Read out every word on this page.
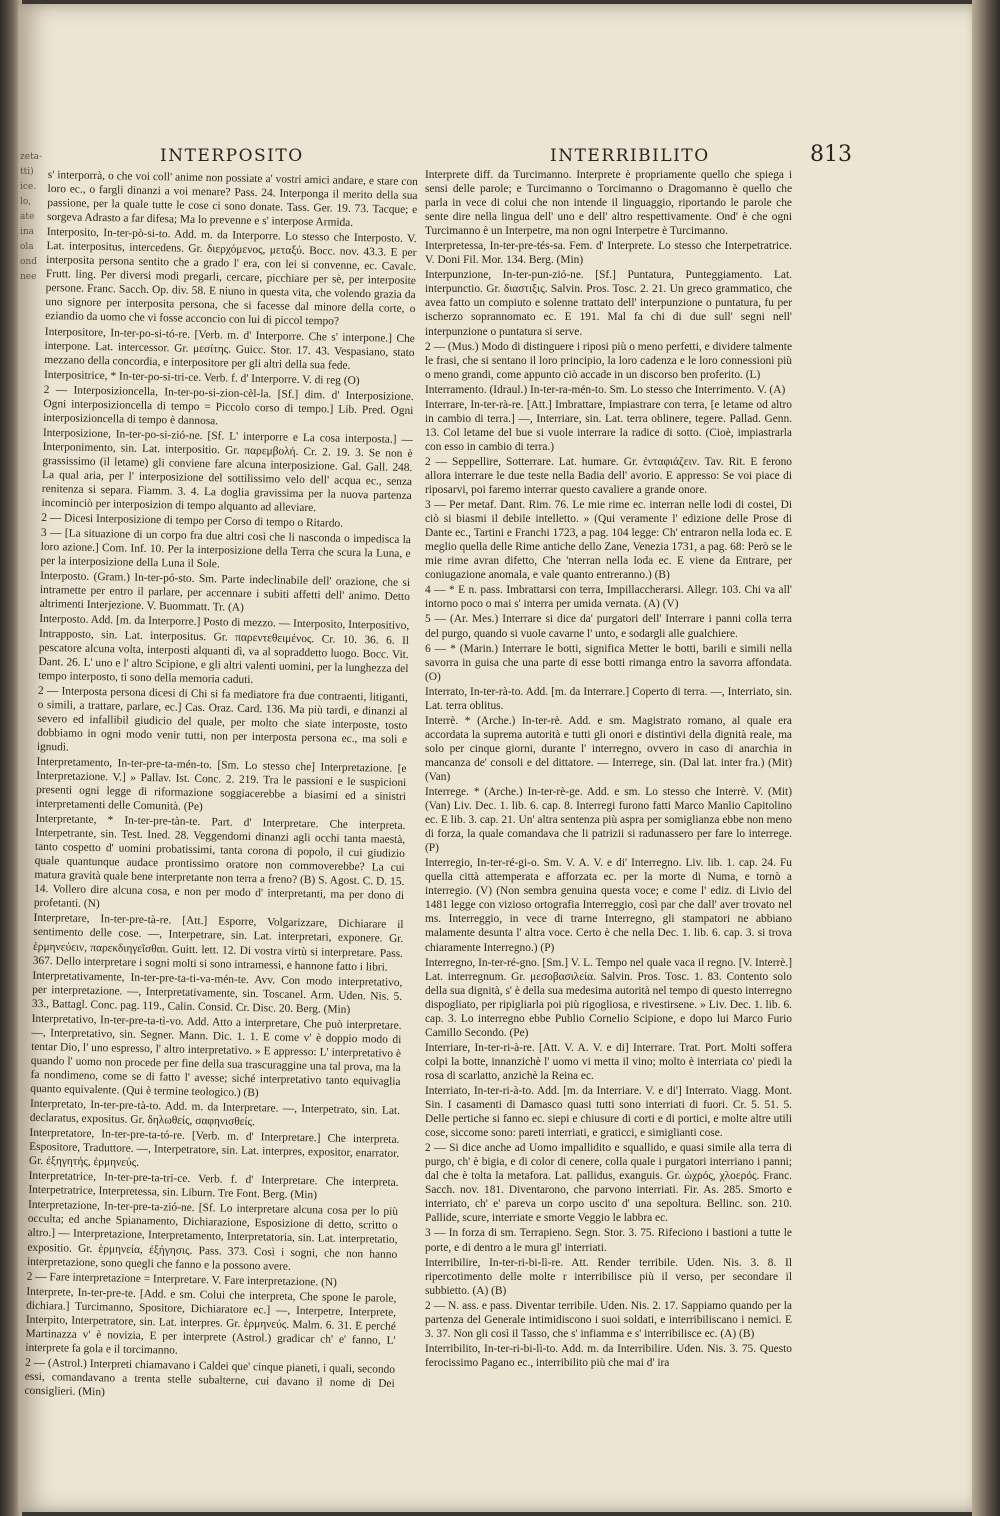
zeta- tti) ice. lo, ate ina ola ond nee
INTERPOSITO	INTERRIBILITO	813

s' interporrà, o che voi coll' anime non possiate a' vostri amici andare, e stare con loro ec., o fargli dinanzi a voi menare? Pass. 24. Interponga il merito della sua passione, per la quale tutte le cose ci sono donate. Tass. Ger. 19. 73. Tacque; e sorgeva Adrasto a far difesa; Ma lo prevenne e s' interpose Armida.

Interposito, In-ter-pò-si-to. Add. m. da Interporre. Lo stesso che Interposto. V. Lat. interpositus, intercedens. Gr. διερχόμενος, μεταξύ. Bocc. nov. 43.3. E per interposita persona sentito che a grado l' era, con lei si convenne, ec. Cavalc. Frutt. ling. Per diversi modi pregarli, cercare, picchiare per sè, per interposite persone. Franc. Sacch. Op. div. 58. E niuno in questa vita, che volendo grazia da uno signore per interposita persona, che si facesse dal minore della corte, o eziandio da uomo che vi fosse acconcio con lui di piccol tempo?

Interpositore, In-ter-po-si-tó-re. [Verb. m. d' Interporre. Che s' interpone.] Che interpone. Lat. intercessor. Gr. μεσίτης. Guicc. Stor. 17. 43. Vespasiano, stato mezzano della concordia, e interpositore per gli altri della sua fede.

Interpositrice, * In-ter-po-si-tri-ce. Verb. f. d' Interporre. V. di reg (O)

2 — Interposizioncella, In-ter-po-si-zion-cèl-la. [Sf.] dim. d' Interposizione. Ogni interposizioncella di tempo = Piccolo corso di tempo.] Lib. Pred. Ogni interposizioncella di tempo è dannosa.

Interposizione, In-ter-po-si-zió-ne. [Sf. L' interporre e La cosa interposta.] — Interponimento, sin. Lat. interpositio. Gr. παρεμβολή. Cr. 2. 19. 3. Se non è grassissimo (il letame) gli conviene fare alcuna interposizione. Gal. Gall. 248. La qual aria, per l' interposizione del sottilissimo velo dell' acqua ec., senza renitenza si separa. Fiamm. 3. 4. La doglia gravissima per la nuova partenza incominciò per interposizion di tempo alquanto ad alleviare.

2 — Dicesi Interposizione di tempo per Corso di tempo o Ritardo.

3 — [La situazione di un corpo fra due altri così che li nasconda o impedisca la loro azione.] Com. Inf. 10. Per la interposizione della Terra che scura la Luna, e per la interposizione della Luna il Sole.

Interposto. (Gram.) In-ter-pó-sto. Sm. Parte indeclinabile dell' orazione, che si intramette per entro il parlare, per accennare i subiti affetti dell' animo. Detto altrimenti Interjezione. V. Buommatt. Tr. (A)

Interposto. Add. [m. da Interporre.] Posto di mezzo. — Interposito, Interpositivo, Intrapposto, sin. Lat. interpositus. Gr. παρεντεθειμένος. Cr. 10. 36. 6. Il pescatore alcuna volta, interposti alquanti dì, va al sopraddetto luogo. Bocc. Vit. Dant. 26. L' uno e l' altro Scipione, e gli altri valenti uomini, per la lunghezza del tempo interposto, ti sono della memoria caduti.

2 — Interposta persona dicesi di Chi si fa mediatore fra due contraenti, litiganti, o simili, a trattare, parlare, ec.] Cas. Oraz. Card. 136. Ma più tardi, e dinanzi al severo ed infallibil giudicio del quale, per molto che siate interposte, tosto dobbiamo in ogni modo venir tutti, non per interposta persona ec., ma soli e ignudi.

Interpretamento, In-ter-pre-ta-mén-to. [Sm. Lo stesso che] Interpretazione. [e Interpretazione. V.] » Pallav. Ist. Conc. 2. 219. Tra le passioni e le suspicioni presenti ogni legge di riformazione soggiacerebbe a biasimi ed a sinistri interpretamenti delle Comunità. (Pe)

Interpretante, * In-ter-pre-tàn-te. Part. d' Interpretare. Che interpreta. Interpetrante, sin. Test. Ined. 28. Veggendomi dinanzi agli occhi tanta maestà, tanto cospetto d' uomini probatissimi, tanta corona di popolo, il cui giudizio quale quantunque audace prontissimo oratore non commoverebbe? La cui matura gravità quale bene interpretante non terra a freno? (B) S. Agost. C. D. 15. 14. Vollero dire alcuna cosa, e non per modo d' interpretanti, ma per dono di profetanti. (N)

Interpretare, In-ter-pre-tà-re. [Att.] Esporre, Volgarizzare, Dichiarare il sentimento delle cose. —, Interpetrare, sin. Lat. interpretari, exponere. Gr. ἑρμηνεύειν, παρεκδιηγεῖσθαι. Guitt. lett. 12. Di vostra virtù si interpretare. Pass. 367. Dello interpretare i sogni molti si sono intramessi, e hannone fatto i libri.

Interpretativamente, In-ter-pre-ta-ti-va-mén-te. Avv. Con modo interpretativo, per interpretazione. —, Interpretativamente, sin. Toscanel. Arm. Uden. Nis. 5. 33., Battagl. Conc. pag. 119., Calin. Consid. Cr. Disc. 20. Berg. (Min)

Interpretativo, In-ter-pre-ta-tì-vo. Add. Atto a interpretare, Che può interpretare. —, Interpretativo, sin. Segner. Mann. Dic. 1. 1. E come v' è doppio modo di tentar Dio, l' uno espresso, l' altro interpretativo. » E appresso: L' interpretativo è quando l' uomo non procede per fine della sua trascuraggine una tal prova, ma la fa nondimeno, come se di fatto l' avesse; siché interpretativo tanto equivaglia quanto equivalente. (Qui è termine teologico.) (B)

Interpretato, In-ter-pre-tà-to. Add. m. da Interpretare. —, Interpetrato, sin. Lat. declaratus, expositus. Gr. δηλωθείς, σαφηνισθείς.

Interpretatore, In-ter-pre-ta-tó-re. [Verb. m. d' Interpretare.] Che interpreta. Espositore, Traduttore. —, Interpetratore, sin. Lat. interpres, expositor, enarrator. Gr. ἐξηγητής, ἑρμηνεύς.

Interpretatrice, In-ter-pre-ta-tri-ce. Verb. f. d' Interpretare. Che interpreta. Interpetratrice, Interpretessa, sin. Liburn. Tre Font. Berg. (Min)

Interpretazione, In-ter-pre-ta-zió-ne. [Sf. Lo interpretare alcuna cosa per lo più occulta; ed anche Spianamento, Dichiarazione, Esposizione di detto, scritto o altro.] — Interpretazione, Interpretamento, Interpretatoria, sin. Lat. interpretatio, expositio. Gr. ἑρμηνεία, ἐξήγησις. Pass. 373. Così i sogni, che non hanno interpretazione, sono quegli che fanno e la possono avere.

2 — Fare interpretazione = Interpretare. V. Fare interpretazione. (N)

Interprete, In-ter-pre-te. [Add. e sm. Colui che interpreta, Che spone le parole, dichiara.] Turcimanno, Spositore, Dichiaratore ec.] —, Interpetre, Interprete, Interpito, Interpetratore, sin. Lat. interpres. Gr. ἑρμηνεύς. Malm. 6. 31. E perché Martinazza v' è novizia, E per interprete (Astrol.) gradicar ch' e' fanno, L' interprete fa gola e il torcimanno.

2 — (Astrol.) Interpreti chiamavano i Caldei que' cinque pianeti, i quali, secondo essi, comandavano a trenta stelle subalterne, cui davano il nome di Dei consiglieri. (Min)

Interprete diff. da Turcimanno. Interprete è propriamente quello che spiega i sensi delle parole; e Turcimanno o Torcimanno o Dragomanno è quello che parla in vece di colui che non intende il linguaggio, riportando le parole che sente dire nella lingua dell' uno e dell' altro respettivamente. Ond' è che ogni Turcimanno è un Interpetre, ma non ogni Interpetre è Turcimanno.

Interpretessa, In-ter-pre-tés-sa. Fem. d' Interprete. Lo stesso che Interpetratrice. V. Doni Fil. Mor. 134. Berg. (Min)

Interpunzione, In-ter-pun-zió-ne. [Sf.] Puntatura, Punteggiamento. Lat. interpunctio. Gr. διαστιξις. Salvin. Pros. Tosc. 2. 21. Un greco grammatico, che avea fatto un compiuto e solenne trattato dell' interpunzione o puntatura, fu per ischerzo soprannomato ec. E 191. Mal fa chi di due sull' segni nell' interpunzione o puntatura si serve.

2 — (Mus.) Modo di distinguere i riposi più o meno perfetti, e dividere talmente le frasi, che si sentano il loro principio, la loro cadenza e le loro connessioni più o meno grandi, come appunto ciò accade in un discorso ben proferito. (L)

Interramento. (Idraul.) In-ter-ra-mén-to. Sm. Lo stesso che Interrimento. V. (A)

Interrare, In-ter-rà-re. [Att.] Imbrattare, Impiastrare con terra, [e letame od altro in cambio di terra.] —, Interriare, sin. Lat. terra oblinere, tegere. Pallad. Genn. 13. Col letame del bue si vuole interrare la radice di sotto. (Cioè, impiastrarla con esso in cambio di terra.)

2 — Seppellire, Sotterrare. Lat. humare. Gr. ἐνταφιάζειν. Tav. Rit. E ferono allora interrare le due teste nella Badia dell' avorio. E appresso: Se voi piace di riposarvi, poi faremo interrar questo cavaliere a grande onore.

3 — Per metaf. Dant. Rim. 76. Le mie rime ec. interran nelle lodi di costei, Di ciò si biasmi il debile intelletto. » (Qui veramente l' edizione delle Prose di Dante ec., Tartini e Franchi 1723, a pag. 104 legge: Ch' entraron nella loda ec. E meglio quella delle Rime antiche dello Zane, Venezia 1731, a pag. 68: Però se le mie rime avran difetto, Che 'nterran nella loda ec. E viene da Entrare, per coniugazione anomala, e vale quanto entreranno.) (B)

4 — * E n. pass. Imbrattarsi con terra, Impillaccherarsi. Allegr. 103. Chi va all' intorno poco o mai s' interra per umida vernata. (A) (V)

5 — (Ar. Mes.) Interrare si dice da' purgatori dell' Interrare i panni colla terra del purgo, quando si vuole cavarne l' unto, e sodargli alle gualchiere.

6 — * (Marin.) Interrare le botti, significa Metter le botti, barili e simili nella savorra in guisa che una parte di esse botti rimanga entro la savorra affondata. (O)

Interrato, In-ter-rà-to. Add. [m. da Interrare.] Coperto di terra. —, Interriato, sin. Lat. terra oblitus.

Interrè. * (Arche.) In-ter-rè. Add. e sm. Magistrato romano, al quale era accordata la suprema autorità e tutti gli onori e distintivi della dignità reale, ma solo per cinque giorni, durante l' interregno, ovvero in caso di anarchia in mancanza de' consoli e del dittatore. — Interrege, sin. (Dal lat. inter fra.) (Mit) (Van)

Interrege. * (Arche.) In-ter-rè-ge. Add. e sm. Lo stesso che Interrè. V. (Mit) (Van) Liv. Dec. 1. lib. 6. cap. 8. Interregi furono fatti Marco Manlio Capitolino ec. E lib. 3. cap. 21. Un' altra sentenza più aspra per somiglianza ebbe non meno di forza, la quale comandava che li patrizii si radunassero per fare lo interrege. (P)

Interregio, In-ter-ré-gi-o. Sm. V. A. V. e di' Interregno. Liv. lib. 1. cap. 24. Fu quella città attemperata e afforzata ec. per la morte di Numa, e tornò a interregio. (V) (Non sembra genuina questa voce; e come l' ediz. di Livio del 1481 legge con vizioso ortografia Interreggio, così par che dall' aver trovato nel ms. Interreggio, in vece di trarne Interregno, gli stampatori ne abbiano malamente desunta l' altra voce. Certo è che nella Dec. 1. lib. 6. cap. 3. si trova chiaramente Interregno.) (P)

Interregno, In-ter-ré-gno. [Sm.] V. L. Tempo nel quale vaca il regno. [V. Interrè.] Lat. interregnum. Gr. μεσοβασιλεία. Salvin. Pros. Tosc. 1. 83. Contento solo della sua dignità, s' è della sua medesima autorità nel tempo di questo interregno dispogliato, per ripigliarla poi più rigogliosa, e rivestirsene. » Liv. Dec. 1. lib. 6. cap. 3. Lo interregno ebbe Publio Cornelio Scipione, e dopo lui Marco Furio Camillo Secondo. (Pe)

Interriare, In-ter-ri-à-re. [Att. V. A. V. e di] Interrare. Trat. Port. Molti soffera colpi la botte, innanzichè l' uomo vi metta il vino; molto è interriata co' piedi la rosa di scarlatto, anzichè la Reina ec.

Interriato, In-ter-ri-à-to. Add. [m. da Interriare. V. e di'] Interrato. Viagg. Mont. Sin. I casamenti di Damasco quasi tutti sono interriati di fuori. Cr. 5. 51. 5. Delle pertiche si fanno ec. siepi e chiusure di corti e di portici, e molte altre utili cose, siccome sono: pareti interriati, e graticci, e simiglianti cose.

2 — Si dice anche ad Uomo impallidito e squallido, e quasi simile alla terra di purgo, ch' è bigia, e di color di cenere, colla quale i purgatori interriano i panni; dal che è tolta la metafora. Lat. pallidus, exanguis. Gr. ὠχρός, χλοερός. Franc. Sacch. nov. 181. Diventarono, che parvono interriati. Fir. As. 285. Smorto e interriato, ch' e' pareva un corpo uscito d' una sepoltura. Bellinc. son. 210. Pallide, scure, interriate e smorte Veggio le labbra ec.

3 — In forza di sm. Terrapieno. Segn. Stor. 3. 75. Rifeciono i bastioni a tutte le porte, e di dentro a le mura gl' interriati.

Interribilire, In-ter-ri-bi-lì-re. Att. Render terribile. Uden. Nis. 3. 8. Il ripercotimento delle molte r interribilisce più il verso, per secondare il subbietto. (A) (B)

2 — N. ass. e pass. Diventar terribile. Uden. Nis. 2. 17. Sappiamo quando per la partenza del Generale intimidiscono i suoi soldati, e interribiliscano i nemici. E 3. 37. Non gli così il Tasso, che s' infiamma e s' interribilisce ec. (A) (B)

Interribilito, In-ter-ri-bi-lì-to. Add. m. da Interribilire. Uden. Nis. 3. 75. Questo ferocissimo Pagano ec., interribilito più che mai d' ira
